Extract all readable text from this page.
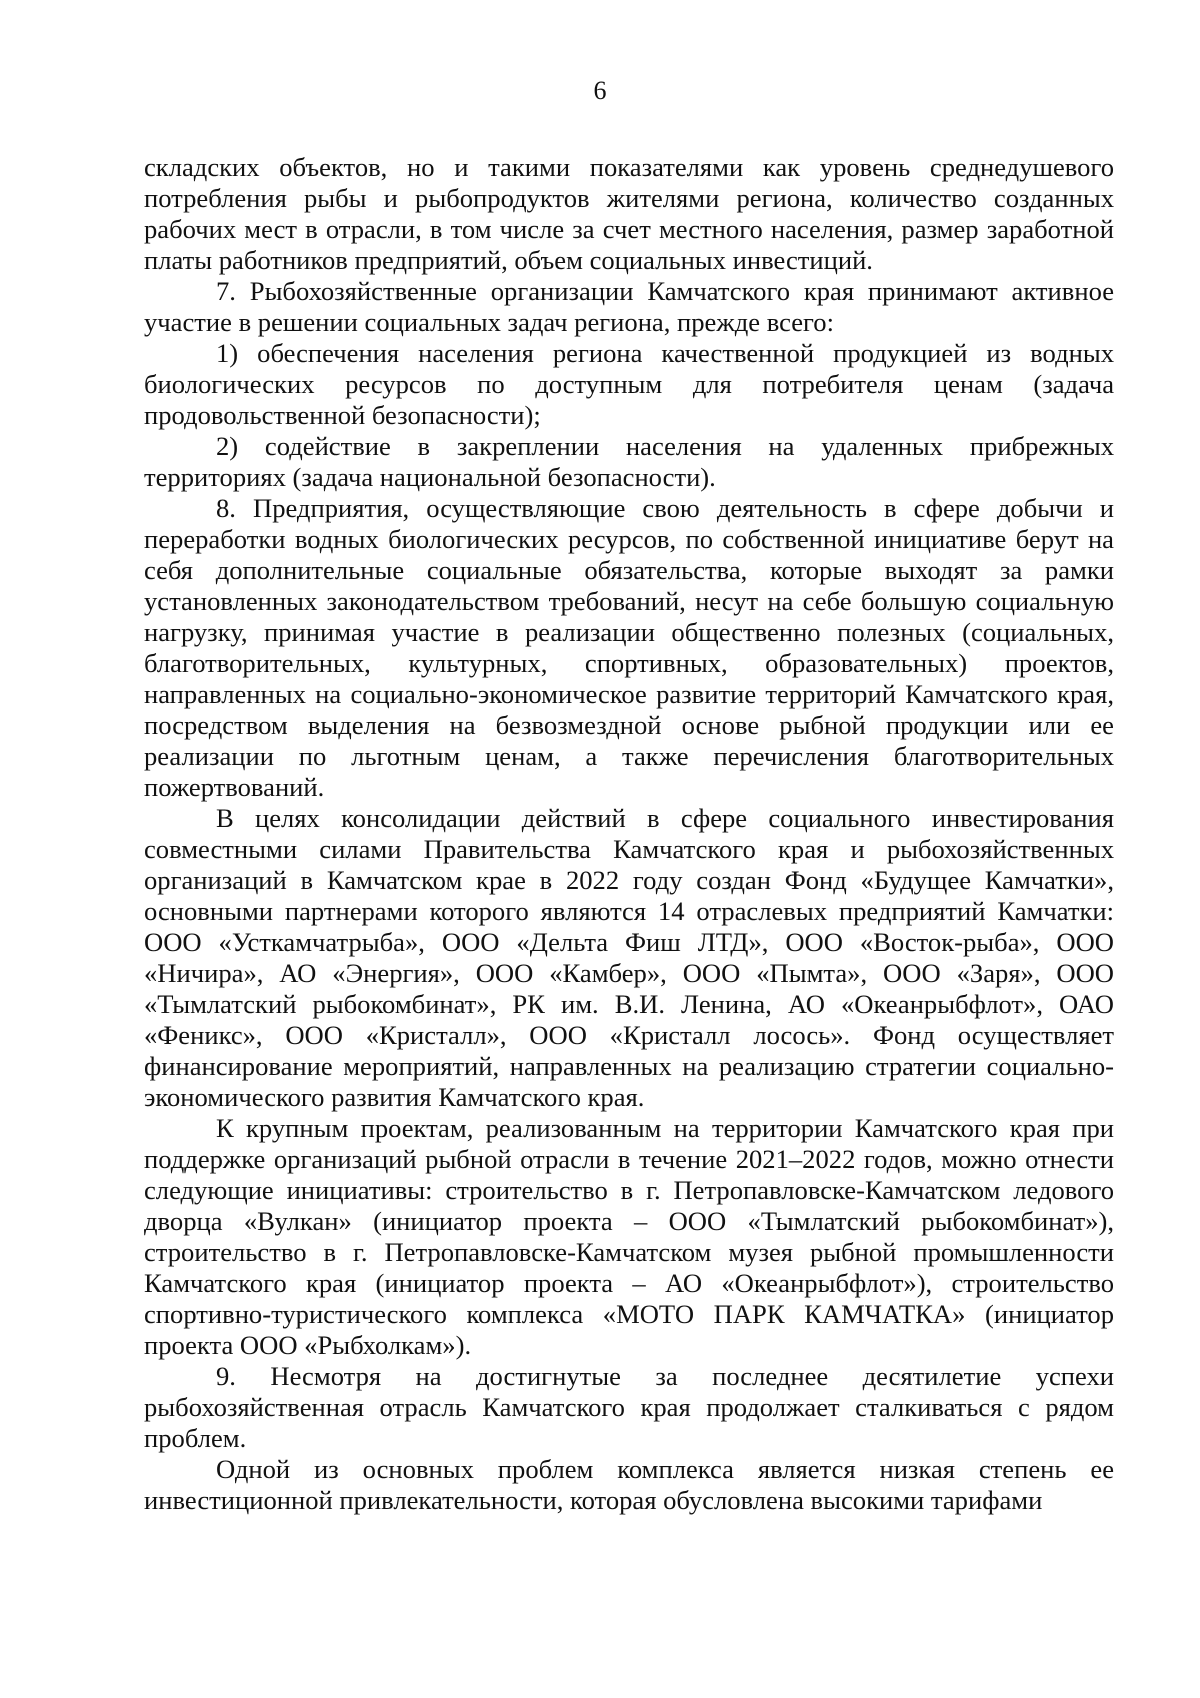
6

складских объектов, но и такими показателями как уровень среднедушевого потребления рыбы и рыбопродуктов жителями региона, количество созданных рабочих мест в отрасли, в том числе за счет местного населения, размер заработной платы работников предприятий, объем социальных инвестиций.

7. Рыбохозяйственные организации Камчатского края принимают активное участие в решении социальных задач региона, прежде всего:

1) обеспечения населения региона качественной продукцией из водных биологических ресурсов по доступным для потребителя ценам (задача продовольственной безопасности);

2) содействие в закреплении населения на удаленных прибрежных территориях (задача национальной безопасности).

8. Предприятия, осуществляющие свою деятельность в сфере добычи и переработки водных биологических ресурсов, по собственной инициативе берут на себя дополнительные социальные обязательства, которые выходят за рамки установленных законодательством требований, несут на себе большую социальную нагрузку, принимая участие в реализации общественно полезных (социальных, благотворительных, культурных, спортивных, образовательных) проектов, направленных на социально-экономическое развитие территорий Камчатского края, посредством выделения на безвозмездной основе рыбной продукции или ее реализации по льготным ценам, а также перечисления благотворительных пожертвований.

В целях консолидации действий в сфере социального инвестирования совместными силами Правительства Камчатского края и рыбохозяйственных организаций в Камчатском крае в 2022 году создан Фонд «Будущее Камчатки», основными партнерами которого являются 14 отраслевых предприятий Камчатки: ООО «Усткамчатрыба», ООО «Дельта Фиш ЛТД», ООО «Восток-рыба», ООО «Ничира», АО «Энергия», ООО «Камбер», ООО «Пымта», ООО «Заря», ООО «Тымлатский рыбокомбинат», РК им. В.И. Ленина, АО «Океанрыбфлот», ОАО «Феникс», ООО «Кристалл», ООО «Кристалл лосось». Фонд осуществляет финансирование мероприятий, направленных на реализацию стратегии социально-экономического развития Камчатского края.

К крупным проектам, реализованным на территории Камчатского края при поддержке организаций рыбной отрасли в течение 2021–2022 годов, можно отнести следующие инициативы: строительство в г. Петропавловске-Камчатском ледового дворца «Вулкан» (инициатор проекта – ООО «Тымлатский рыбокомбинат»), строительство в г. Петропавловске-Камчатском музея рыбной промышленности Камчатского края (инициатор проекта – АО «Океанрыбфлот»), строительство спортивно-туристического комплекса «МОТО ПАРК КАМЧАТКА» (инициатор проекта ООО «Рыбхолкам»).

9. Несмотря на достигнутые за последнее десятилетие успехи рыбохозяйственная отрасль Камчатского края продолжает сталкиваться с рядом проблем.

Одной из основных проблем комплекса является низкая степень ее инвестиционной привлекательности, которая обусловлена высокими тарифами
